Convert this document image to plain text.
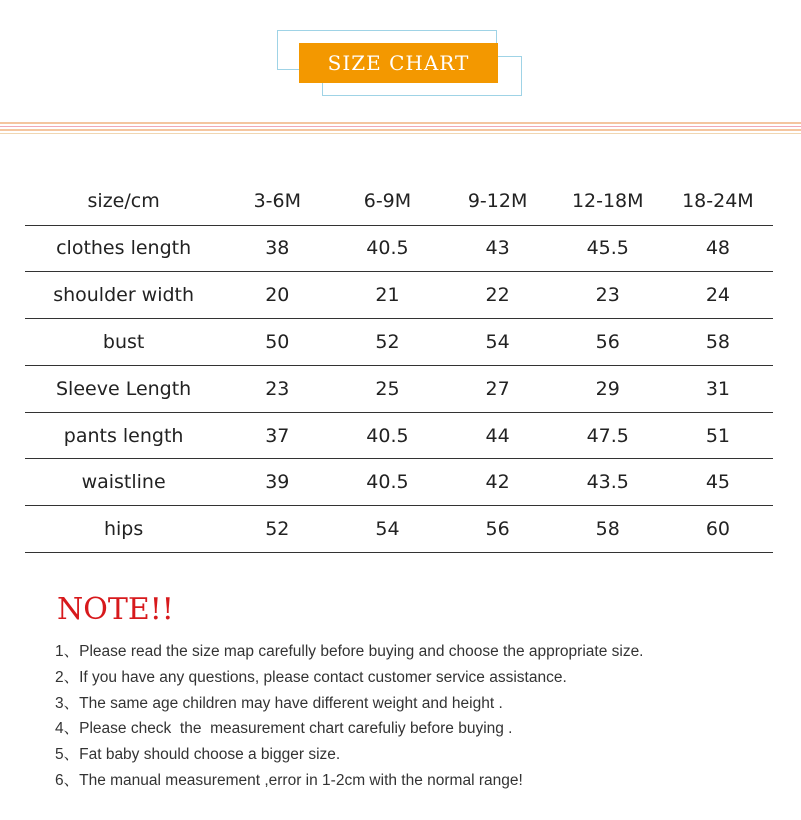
SIZE CHART
size/cm	3-6M	6-9M	9-12M	12-18M	18-24M
clothes length	38	40.5	43	45.5	48
shoulder width	20	21	22	23	24
bust	50	52	54	56	58
Sleeve Length	23	25	27	29	31
pants length	37	40.5	44	47.5	51
waistline	39	40.5	42	43.5	45
hips	52	54	56	58	60
NOTE!!
1、Please read the size map carefully before buying and choose the appropriate size.
2、If you have any questions, please contact customer service assistance.
3、The same age children may have different weight and height .
4、Please check  the  measurement chart carefuliy before buying .
5、Fat baby should choose a bigger size.
6、The manual measurement ,error in 1-2cm with the normal range!
